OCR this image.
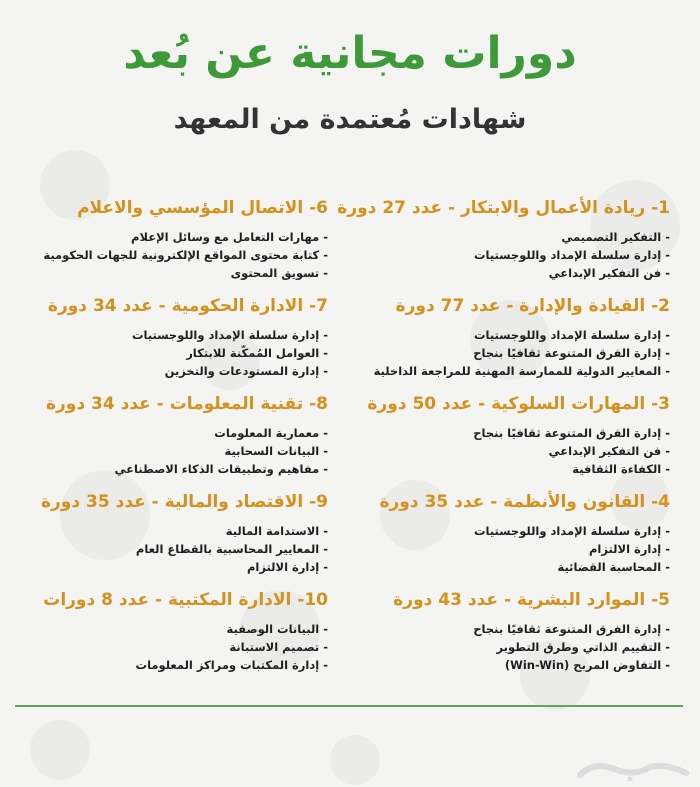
دورات مجانية عن بُعد
شهادات مُعتمدة من المعهد
1- ريادة الأعمال والابتكار - عدد 27 دورة
- التفكير التصميمي
- إدارة سلسلة الإمداد واللوجستيات
- فن التفكير الإبداعي
2- القيادة والإدارة - عدد 77 دورة
- إدارة سلسلة الإمداد واللوجستيات
- إدارة الفرق المتنوعة ثقافيًا بنجاح
- المعايير الدولية للممارسة المهنية للمراجعة الداخلية
3- المهارات السلوكية - عدد 50 دورة
- إدارة الفرق المتنوعة ثقافيًا بنجاح
- فن التفكير الإبداعي
- الكفاءة الثقافية
4- القانون والأنظمة - عدد 35 دورة
- إدارة سلسلة الإمداد واللوجستيات
- إدارة الالتزام
- المحاسبة القضائية
5- الموارد البشرية - عدد 43 دورة
- إدارة الفرق المتنوعة ثقافيًا بنجاح
- التقييم الذاتي وطرق التطوير
- التفاوض المربح (Win-Win)
6- الاتصال المؤسسي والاعلام
- مهارات التعامل مع وسائل الإعلام
- كتابة محتوى المواقع الإلكترونية للجهات الحكومية
- تسويق المحتوى
7- الادارة الحكومية - عدد 34 دورة
- إدارة سلسلة الإمداد واللوجستيات
- العوامل المُمكّنة للابتكار
- إدارة المستودعات والتخزين
8- تقنية المعلومات - عدد 34 دورة
- معمارية المعلومات
- البيانات السحابية
- مفاهيم وتطبيقات الذكاء الاصطناعي
9- الاقتصاد والمالية - عدد 35 دورة
- الاستدامة المالية
- المعايير المحاسبية بالقطاع العام
- إدارة الالتزام
10- الادارة المكتبية - عدد 8 دورات
- البيانات الوصفية
- تصميم الاستبانة
- إدارة المكتبات ومراكز المعلومات
